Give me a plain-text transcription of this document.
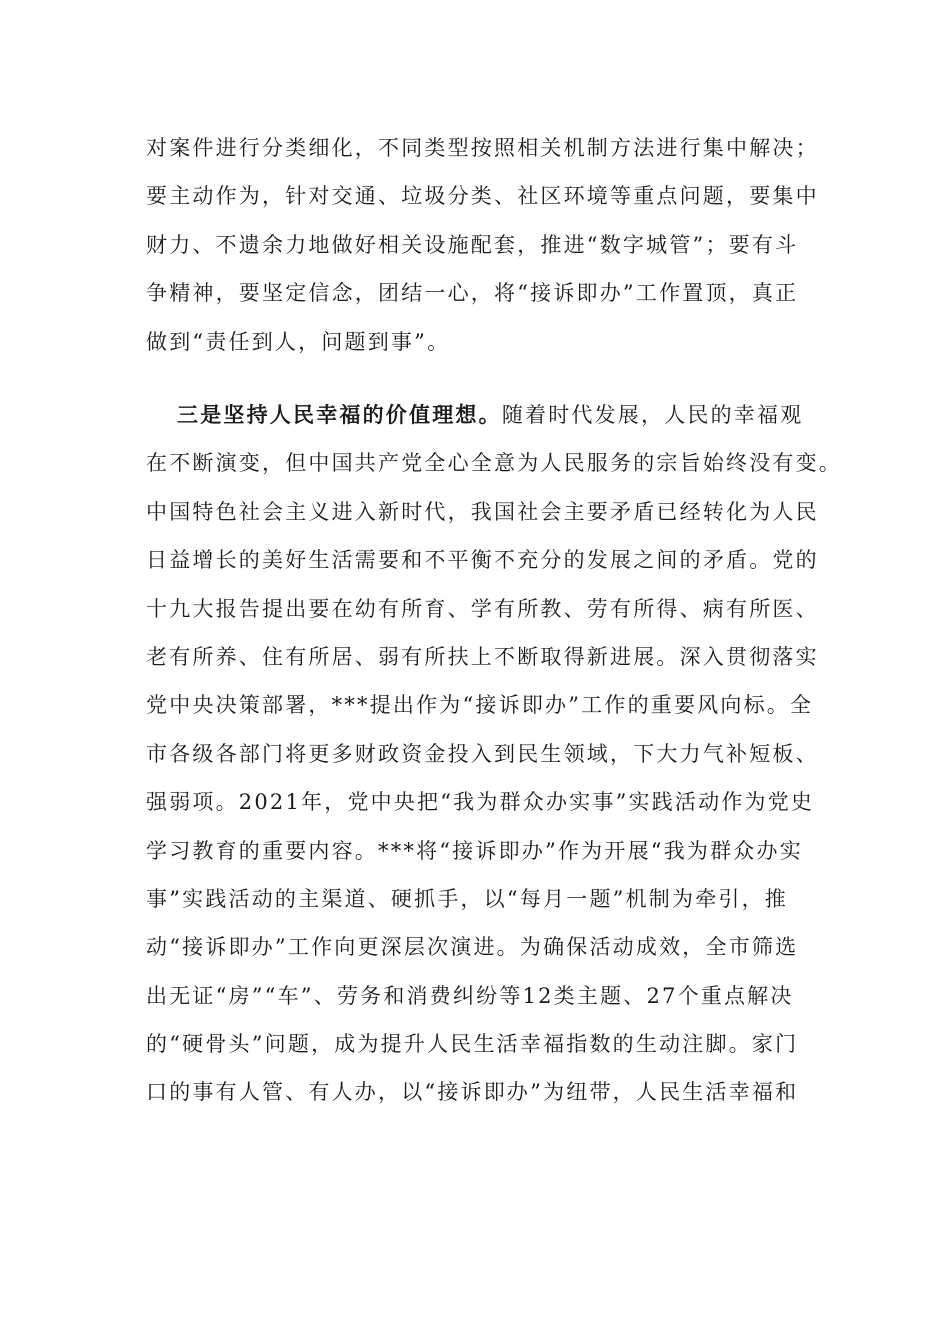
对案件进行分类细化，不同类型按照相关机制方法进行集中解决；
要主动作为，针对交通、垃圾分类、社区环境等重点问题，要集中
财力、不遗余力地做好相关设施配套，推进“数字城管”；要有斗
争精神，要坚定信念，团结一心，将“接诉即办”工作置顶，真正
做到“责任到人，问题到事”。
三是坚持人民幸福的价值理想。随着时代发展，人民的幸福观
在不断演变，但中国共产党全心全意为人民服务的宗旨始终没有变。
中国特色社会主义进入新时代，我国社会主要矛盾已经转化为人民
日益增长的美好生活需要和不平衡不充分的发展之间的矛盾。党的
十九大报告提出要在幼有所育、学有所教、劳有所得、病有所医、
老有所养、住有所居、弱有所扶上不断取得新进展。深入贯彻落实
党中央决策部署，***提出作为“接诉即办”工作的重要风向标。全
市各级各部门将更多财政资金投入到民生领域，下大力气补短板、
强弱项。2021年，党中央把“我为群众办实事”实践活动作为党史
学习教育的重要内容。***将“接诉即办”作为开展“我为群众办实
事”实践活动的主渠道、硬抓手，以“每月一题”机制为牵引，推
动“接诉即办”工作向更深层次演进。为确保活动成效，全市筛选
出无证“房”“车”、劳务和消费纠纷等12类主题、27个重点解决
的“硬骨头”问题，成为提升人民生活幸福指数的生动注脚。家门
口的事有人管、有人办，以“接诉即办”为纽带，人民生活幸福和
